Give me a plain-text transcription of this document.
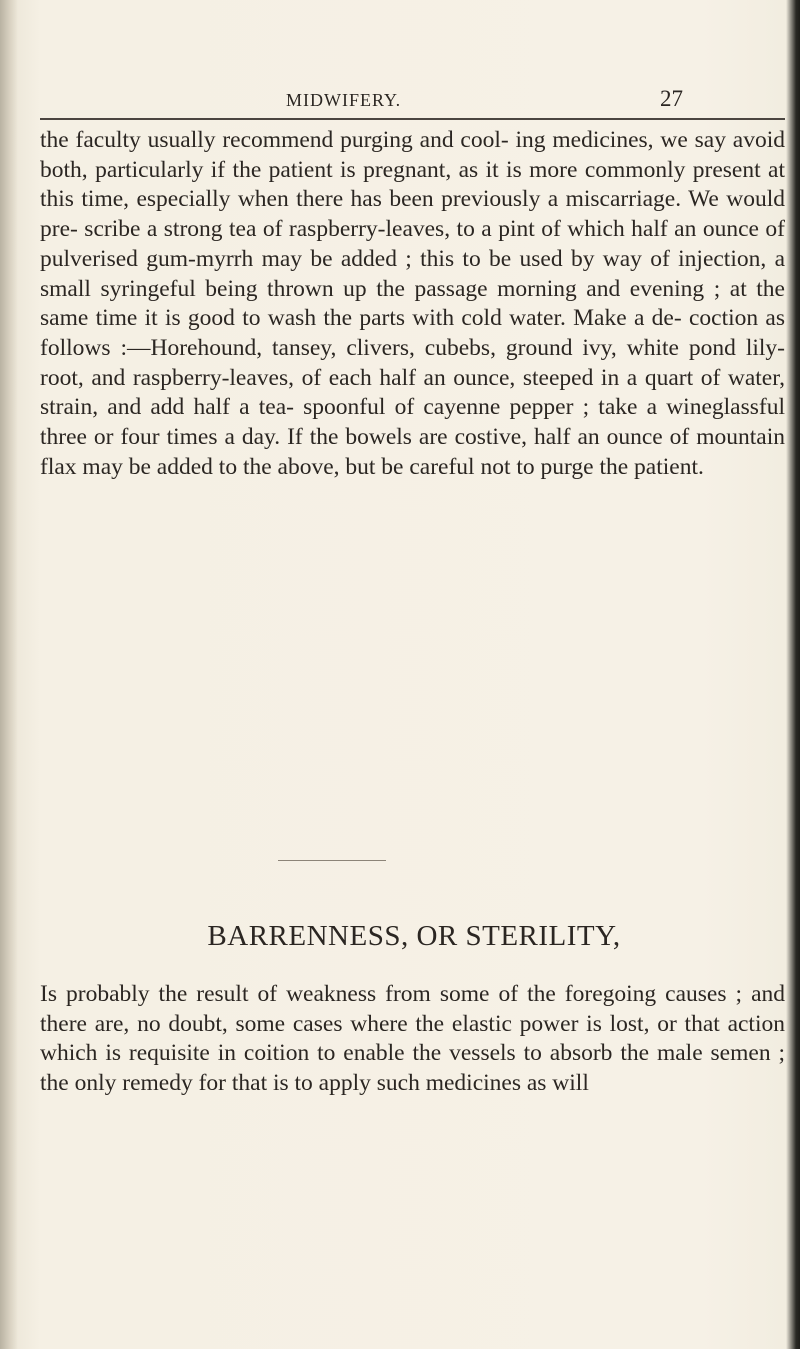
MIDWIFERY.	27

the faculty usually recommend purging and cool- ing medicines, we say avoid both, particularly if the patient is pregnant, as it is more commonly present at this time, especially when there has been previously a miscarriage. We would pre- scribe a strong tea of raspberry-leaves, to a pint of which half an ounce of pulverised gum-myrrh may be added ; this to be used by way of injection, a small syringeful being thrown up the passage morning and evening ; at the same time it is good to wash the parts with cold water. Make a de- coction as follows :—Horehound, tansey, clivers, cubebs, ground ivy, white pond lily-root, and raspberry-leaves, of each half an ounce, steeped in a quart of water, strain, and add half a tea- spoonful of cayenne pepper ; take a wineglassful three or four times a day. If the bowels are costive, half an ounce of mountain flax may be added to the above, but be careful not to purge the patient.

BARRENNESS, OR STERILITY,

Is probably the result of weakness from some of the foregoing causes ; and there are, no doubt, some cases where the elastic power is lost, or that action which is requisite in coition to enable the vessels to absorb the male semen ; the only remedy for that is to apply such medicines as will
